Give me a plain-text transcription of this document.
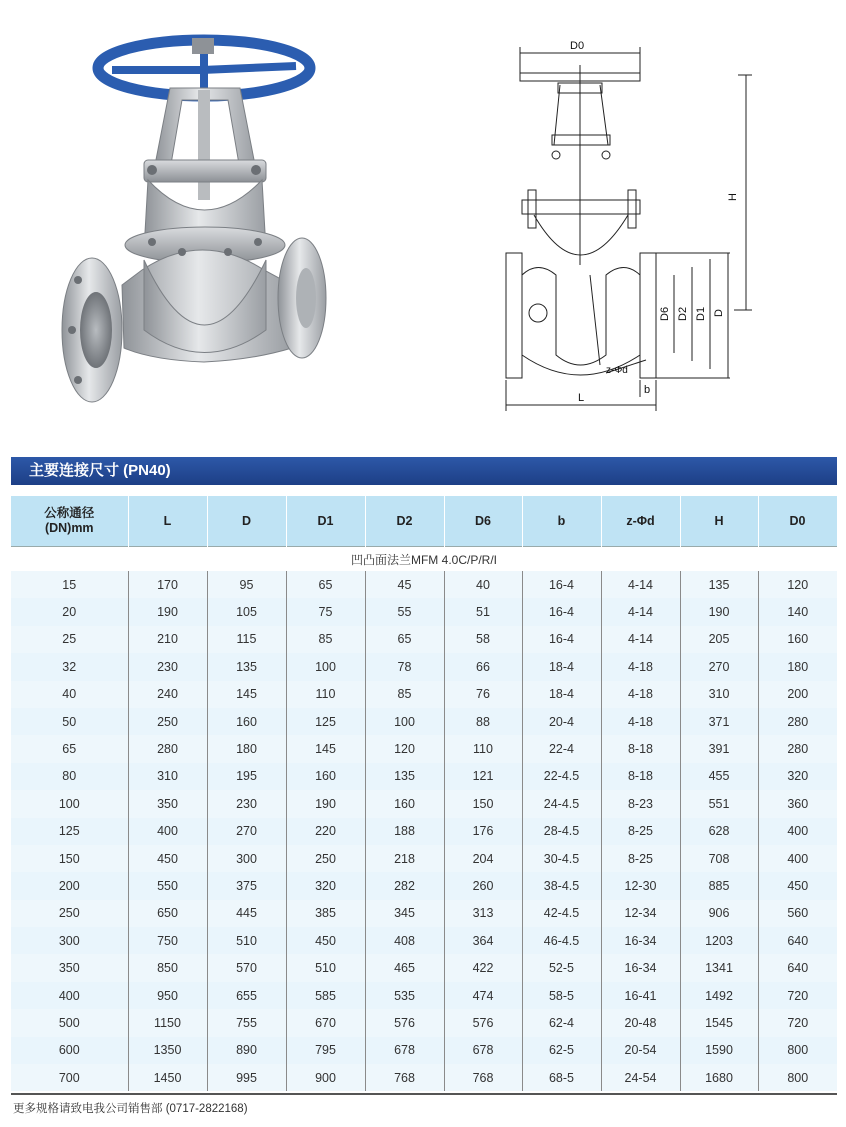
D0
H
D6 D2 D1 D
z-Φd
b
L
主要连接尺寸 (PN40)
公称通径
(DN)mm	L	D	D1	D2	D6	b	z-Φd	H	D0
凹凸面法兰MFM 4.0C/P/R/I									
15	170	95	65	45	40	16-4	4-14	135	120
20	190	105	75	55	51	16-4	4-14	190	140
25	210	115	85	65	58	16-4	4-14	205	160
32	230	135	100	78	66	18-4	4-18	270	180
40	240	145	110	85	76	18-4	4-18	310	200
50	250	160	125	100	88	20-4	4-18	371	280
65	280	180	145	120	110	22-4	8-18	391	280
80	310	195	160	135	121	22-4.5	8-18	455	320
100	350	230	190	160	150	24-4.5	8-23	551	360
125	400	270	220	188	176	28-4.5	8-25	628	400
150	450	300	250	218	204	30-4.5	8-25	708	400
200	550	375	320	282	260	38-4.5	12-30	885	450
250	650	445	385	345	313	42-4.5	12-34	906	560
300	750	510	450	408	364	46-4.5	16-34	1203	640
350	850	570	510	465	422	52-5	16-34	1341	640
400	950	655	585	535	474	58-5	16-41	1492	720
500	1150	755	670	576	576	62-4	20-48	1545	720
600	1350	890	795	678	678	62-5	20-54	1590	800
700	1450	995	900	768	768	68-5	24-54	1680	800
更多规格请致电我公司销售部 (0717-2822168)
